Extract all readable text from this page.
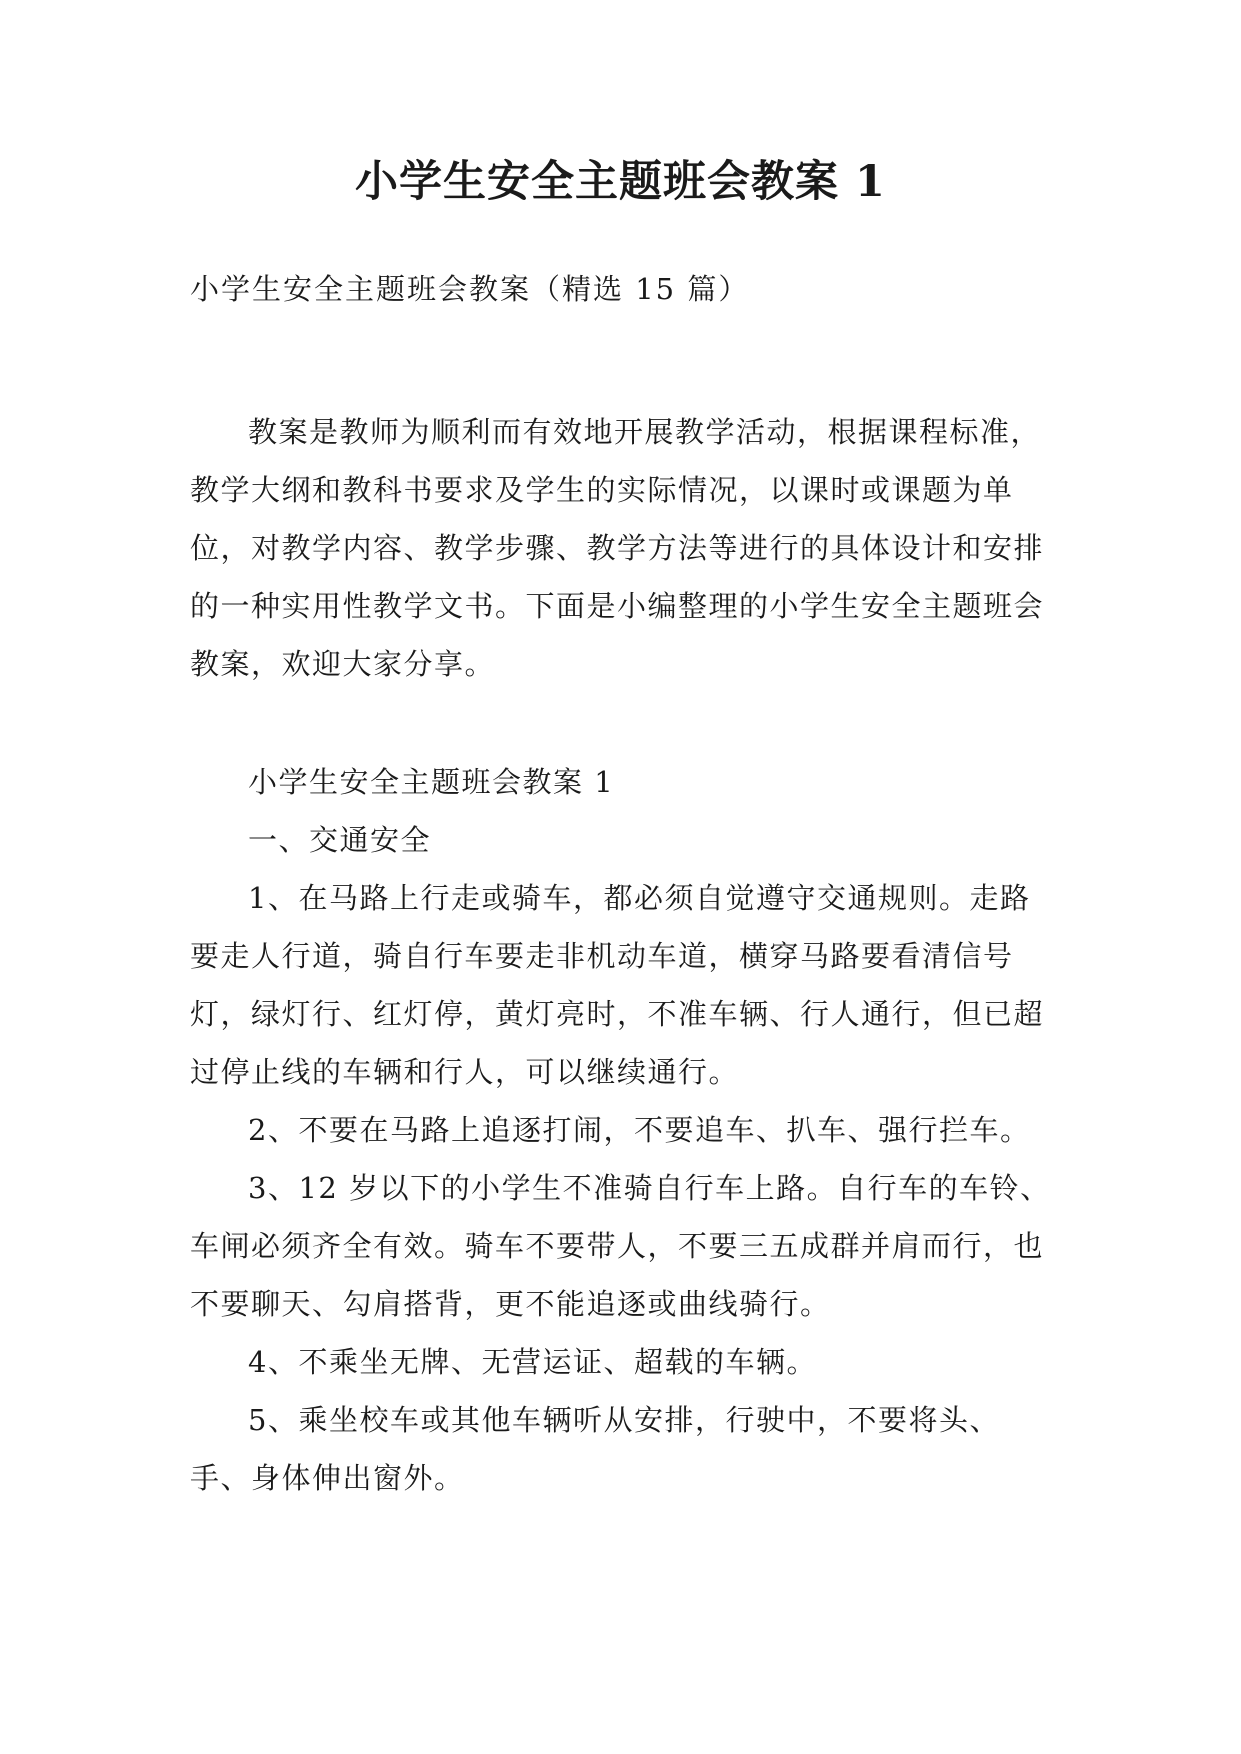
小学生安全主题班会教案 1

小学生安全主题班会教案（精选 15 篇）

教案是教师为顺利而有效地开展教学活动，根据课程标准，教学大纲和教科书要求及学生的实际情况，以课时或课题为单位，对教学内容、教学步骤、教学方法等进行的具体设计和安排的一种实用性教学文书。下面是小编整理的小学生安全主题班会教案，欢迎大家分享。

小学生安全主题班会教案 1

一、交通安全

1、在马路上行走或骑车，都必须自觉遵守交通规则。走路要走人行道，骑自行车要走非机动车道，横穿马路要看清信号灯，绿灯行、红灯停，黄灯亮时，不准车辆、行人通行，但已超过停止线的车辆和行人，可以继续通行。

2、不要在马路上追逐打闹，不要追车、扒车、强行拦车。

3、12 岁以下的小学生不准骑自行车上路。自行车的车铃、车闸必须齐全有效。骑车不要带人，不要三五成群并肩而行，也不要聊天、勾肩搭背，更不能追逐或曲线骑行。

4、不乘坐无牌、无营运证、超载的车辆。

5、乘坐校车或其他车辆听从安排，行驶中，不要将头、手、身体伸出窗外。
